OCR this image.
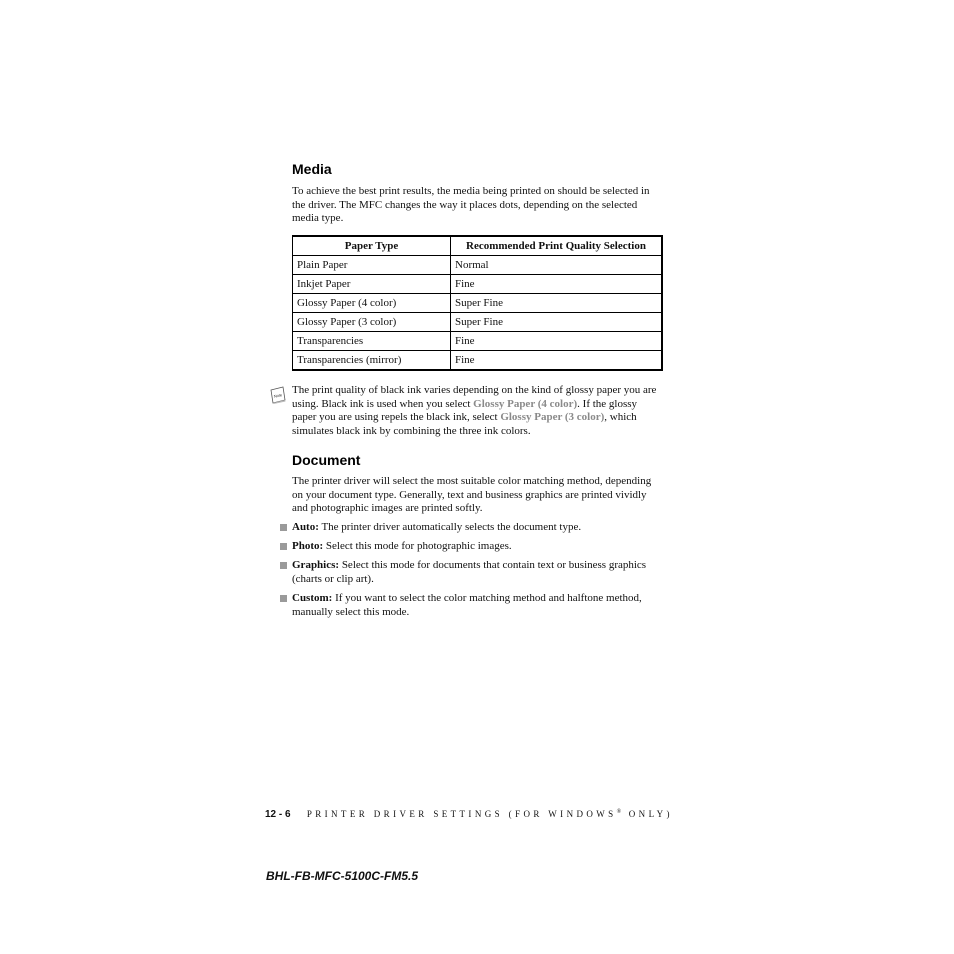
Media

To achieve the best print results, the media being printed on should be selected in the driver. The MFC changes the way it places dots, depending on the selected media type.

Paper Type	Recommended Print Quality Selection
Plain Paper	Normal
Inkjet Paper	Fine
Glossy Paper (4 color)	Super Fine
Glossy Paper (3 color)	Super Fine
Transparencies	Fine
Transparencies (mirror)	Fine
Note The print quality of black ink varies depending on the kind of glossy paper you are using. Black ink is used when you select Glossy Paper (4 color). If the glossy paper you are using repels the black ink, select Glossy Paper (3 color), which simulates black ink by combining the three ink colors.

Document

The printer driver will select the most suitable color matching method, depending on your document type. Generally, text and business graphics are printed vividly and photographic images are printed softly.

Auto: The printer driver automatically selects the document type.
Photo: Select this mode for photographic images.
Graphics: Select this mode for documents that contain text or business graphics (charts or clip art).
Custom: If you want to select the color matching method and halftone method, manually select this mode.
12 - 6 PRINTER DRIVER SETTINGS (FOR WINDOWS® ONLY)
BHL-FB-MFC-5100C-FM5.5
